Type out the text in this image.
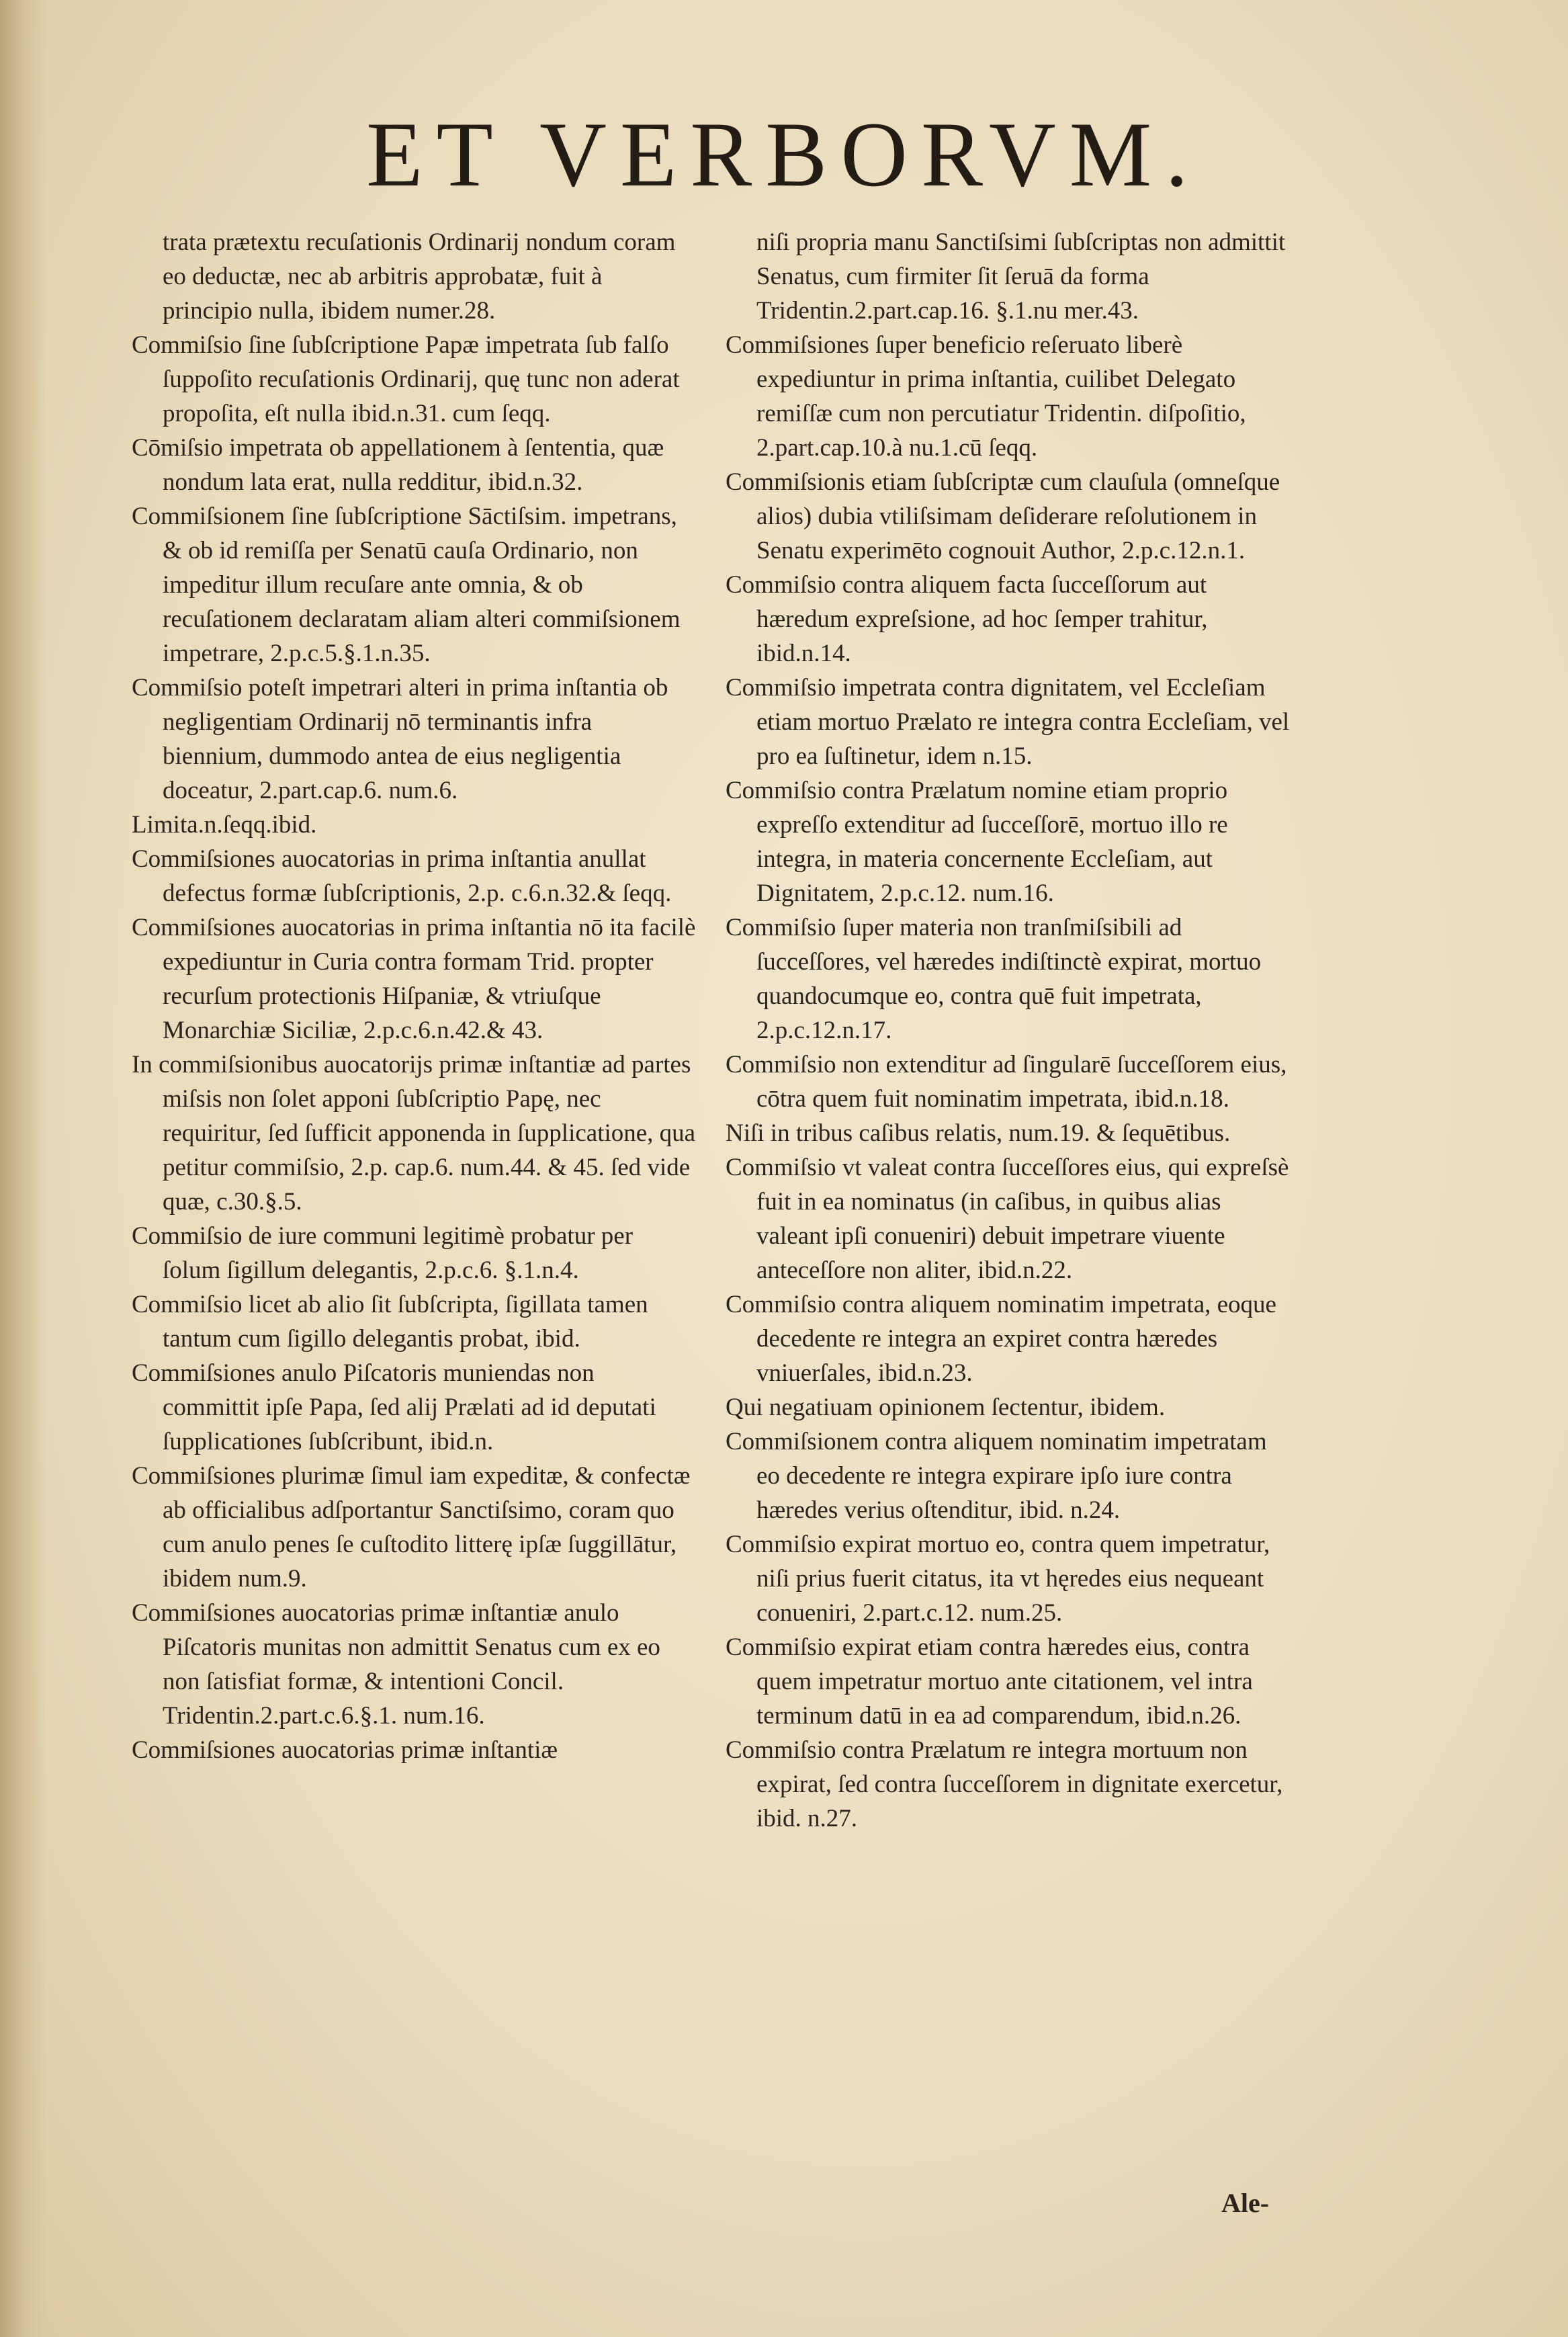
ET VERBORVM.

trata prætextu recuſationis Ordinarij nondum coram eo deductæ, nec ab arbitris approbatæ, fuit à principio nulla, ibidem numer.28.

Commiſsio ſine ſubſcriptione Papæ impetrata ſub falſo ſuppoſito recuſationis Ordinarij, quę tunc non aderat propoſita, eſt nulla ibid.n.31. cum ſeqq.

Cōmiſsio impetrata ob appellationem à ſententia, quæ nondum lata erat, nulla redditur, ibid.n.32.

Commiſsionem ſine ſubſcriptione Sāctiſsim. impetrans, & ob id remiſſa per Senatū cauſa Ordinario, non impeditur illum recuſare ante omnia, & ob recuſationem declaratam aliam alteri commiſsionem impetrare, 2.p.c.5.§.1.n.35.

Commiſsio poteſt impetrari alteri in prima inſtantia ob negligentiam Ordinarij nō terminantis infra biennium, dummodo antea de eius negligentia doceatur, 2.part.cap.6. num.6.

Limita.n.ſeqq.ibid.

Commiſsiones auocatorias in prima inſtantia anullat defectus formæ ſubſcriptionis, 2.p. c.6.n.32.& ſeqq.

Commiſsiones auocatorias in prima inſtantia nō ita facilè expediuntur in Curia contra formam Trid. propter recurſum protectionis Hiſpaniæ, & vtriuſque Monarchiæ Siciliæ, 2.p.c.6.n.42.& 43.

In commiſsionibus auocatorijs primæ inſtantiæ ad partes miſsis non ſolet apponi ſubſcriptio Papę, nec requiritur, ſed ſufficit apponenda in ſupplicatione, qua petitur commiſsio, 2.p. cap.6. num.44. & 45. ſed vide quæ, c.30.§.5.

Commiſsio de iure communi legitimè probatur per ſolum ſigillum delegantis, 2.p.c.6. §.1.n.4.

Commiſsio licet ab alio ſit ſubſcripta, ſigillata tamen tantum cum ſigillo delegantis probat, ibid.

Commiſsiones anulo Piſcatoris muniendas non committit ipſe Papa, ſed alij Prælati ad id deputati ſupplicationes ſubſcribunt, ibid.n.

Commiſsiones plurimæ ſimul iam expeditæ, & confectæ ab officialibus adſportantur Sanctiſsimo, coram quo cum anulo penes ſe cuſtodito litterę ipſæ ſuggillātur, ibidem num.9.

Commiſsiones auocatorias primæ inſtantiæ anulo Piſcatoris munitas non admittit Senatus cum ex eo non ſatisfiat formæ, & intentioni Concil. Tridentin.2.part.c.6.§.1. num.16.

Commiſsiones auocatorias primæ inſtantiæ

niſi propria manu Sanctiſsimi ſubſcriptas non admittit Senatus, cum firmiter ſit ſeruā da forma Tridentin.2.part.cap.16. §.1.nu mer.43.

Commiſsiones ſuper beneficio reſeruato liberè expediuntur in prima inſtantia, cuilibet Delegato remiſſæ cum non percutiatur Tridentin. diſpoſitio, 2.part.cap.10.à nu.1.cū ſeqq.

Commiſsionis etiam ſubſcriptæ cum clauſula (omneſque alios) dubia vtiliſsimam deſiderare reſolutionem in Senatu experimēto cognouit Author, 2.p.c.12.n.1.

Commiſsio contra aliquem facta ſucceſſorum aut hæredum expreſsione, ad hoc ſemper trahitur, ibid.n.14.

Commiſsio impetrata contra dignitatem, vel Eccleſiam etiam mortuo Prælato re integra contra Eccleſiam, vel pro ea ſuſtinetur, idem n.15.

Commiſsio contra Prælatum nomine etiam proprio expreſſo extenditur ad ſucceſſorē, mortuo illo re integra, in materia concernente Eccleſiam, aut Dignitatem, 2.p.c.12. num.16.

Commiſsio ſuper materia non tranſmiſsibili ad ſucceſſores, vel hæredes indiſtinctè expirat, mortuo quandocumque eo, contra quē fuit impetrata, 2.p.c.12.n.17.

Commiſsio non extenditur ad ſingularē ſucceſſorem eius, cōtra quem fuit nominatim impetrata, ibid.n.18.

Niſi in tribus caſibus relatis, num.19. & ſequētibus.

Commiſsio vt valeat contra ſucceſſores eius, qui expreſsè fuit in ea nominatus (in caſibus, in quibus alias valeant ipſi conueniri) debuit impetrare viuente anteceſſore non aliter, ibid.n.22.

Commiſsio contra aliquem nominatim impetrata, eoque decedente re integra an expiret contra hæredes vniuerſales, ibid.n.23.

Qui negatiuam opinionem ſectentur, ibidem.

Commiſsionem contra aliquem nominatim impetratam eo decedente re integra expirare ipſo iure contra hæredes verius oſtenditur, ibid. n.24.

Commiſsio expirat mortuo eo, contra quem impetratur, niſi prius fuerit citatus, ita vt hęredes eius nequeant conueniri, 2.part.c.12. num.25.

Commiſsio expirat etiam contra hæredes eius, contra quem impetratur mortuo ante citationem, vel intra terminum datū in ea ad comparendum, ibid.n.26.

Commiſsio contra Prælatum re integra mortuum non expirat, ſed contra ſucceſſorem in dignitate exercetur, ibid. n.27.

Ale-
